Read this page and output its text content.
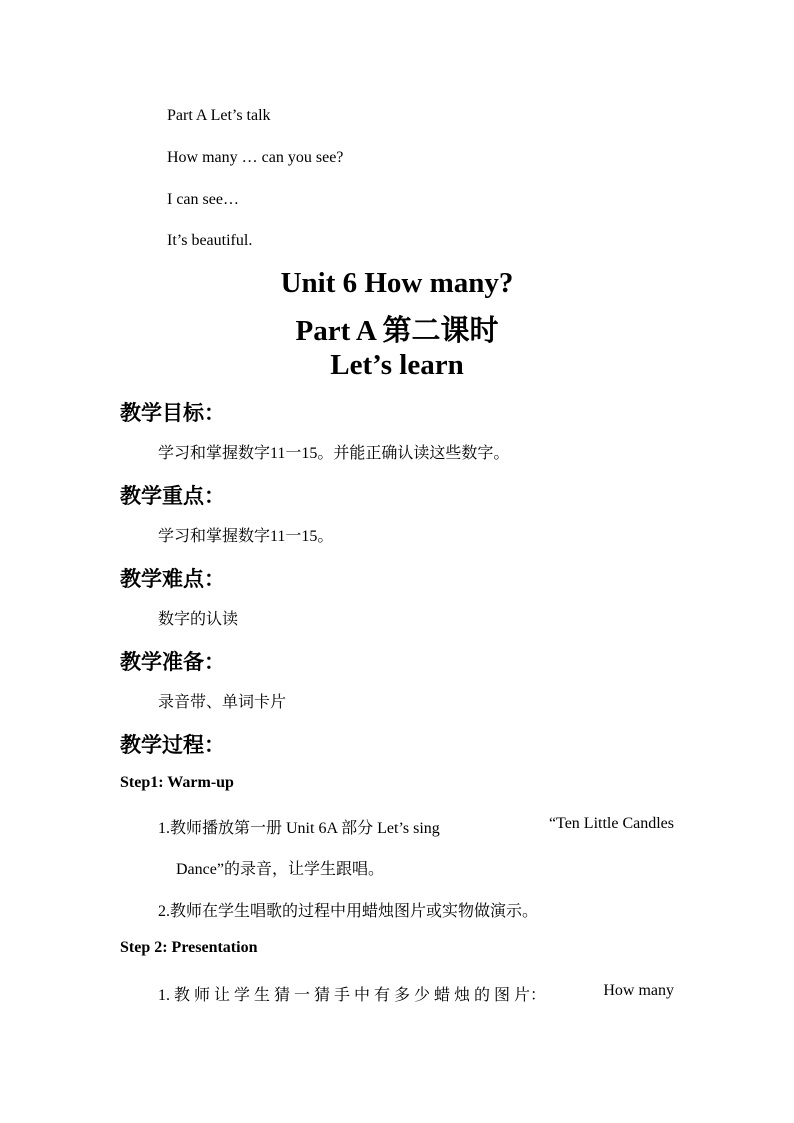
Part A Let’s talk
How many … can you see?
I can see…
It’s beautiful.
Unit 6 How many?
Part A 第二课时
Let’s learn
教学目标：
学习和掌握数字11一15。并能正确认读这些数字。
教学重点：
学习和掌握数字11一15。
教学难点：
数字的认读
教学准备：
录音带、单词卡片
教学过程：
Step1: Warm-up
1.教师播放第一册 Unit 6A 部分 Let’s sing	“Ten Little Candles
Dance”的录音，让学生跟唱。
2.教师在学生唱歌的过程中用蜡烛图片或实物做演示。
Step 2: Presentation
1. 教 师 让 学 生 猜 一 猜 手 中 有 多 少 蜡 烛 的 图 片：	How many
